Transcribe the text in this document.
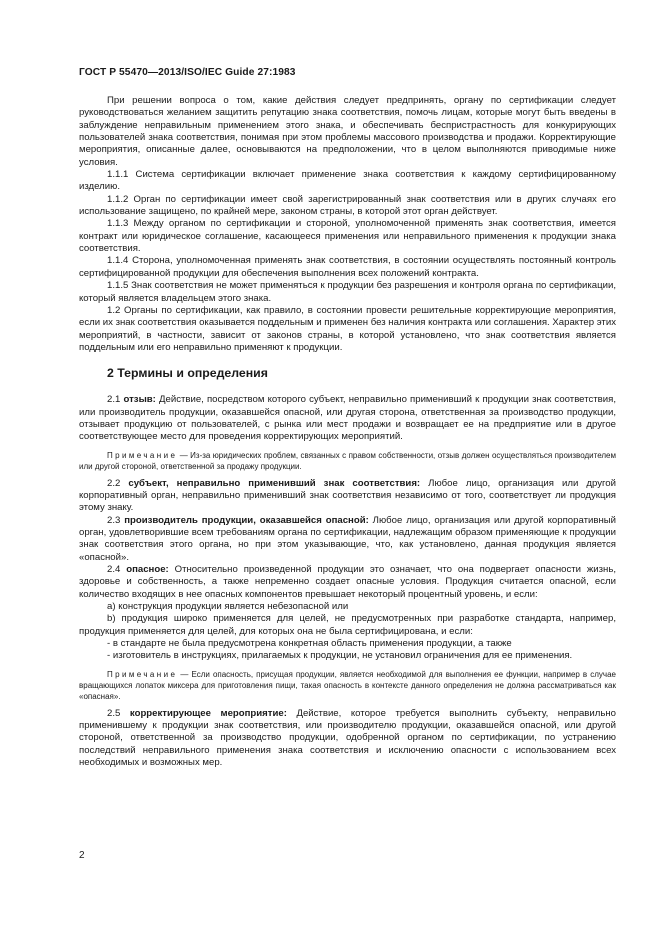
ГОСТ Р 55470—2013/ISO/IEC Guide 27:1983

При решении вопроса о том, какие действия следует предпринять, органу по сертификации следует руководствоваться желанием защитить репутацию знака соответствия, помочь лицам, которые могут быть введены в заблуждение неправильным применением этого знака, и обеспечивать беспристрастность для конкурирующих пользователей знака соответствия, понимая при этом проблемы массового производства и продажи. Корректирующие мероприятия, описанные далее, основываются на предположении, что в целом выполняются приводимые ниже условия.

1.1.1 Система сертификации включает применение знака соответствия к каждому сертифицированному изделию.

1.1.2 Орган по сертификации имеет свой зарегистрированный знак соответствия или в других случаях его использование защищено, по крайней мере, законом страны, в которой этот орган действует.

1.1.3 Между органом по сертификации и стороной, уполномоченной применять знак соответствия, имеется контракт или юридическое соглашение, касающееся применения или неправильного применения к продукции знака соответствия.

1.1.4 Сторона, уполномоченная применять знак соответствия, в состоянии осуществлять постоянный контроль сертифицированной продукции для обеспечения выполнения всех положений контракта.

1.1.5 Знак соответствия не может применяться к продукции без разрешения и контроля органа по сертификации, который является владельцем этого знака.

1.2 Органы по сертификации, как правило, в состоянии провести решительные корректирующие мероприятия, если их знак соответствия оказывается поддельным и применен без наличия контракта или соглашения. Характер этих мероприятий, в частности, зависит от законов страны, в которой установлено, что знак соответствия является поддельным или его неправильно применяют к продукции.

2 Термины и определения

2.1 отзыв: Действие, посредством которого субъект, неправильно применивший к продукции знак соответствия, или производитель продукции, оказавшейся опасной, или другая сторона, ответственная за производство продукции, отзывает продукцию от пользователей, с рынка или мест продажи и возвращает ее на предприятие или в другое соответствующее место для проведения корректирующих мероприятий.

Примечание — Из-за юридических проблем, связанных с правом собственности, отзыв должен осуществляться производителем или другой стороной, ответственной за продажу продукции.

2.2 субъект, неправильно применивший знак соответствия: Любое лицо, организация или другой корпоративный орган, неправильно применивший знак соответствия независимо от того, соответствует ли продукция этому знаку.

2.3 производитель продукции, оказавшейся опасной: Любое лицо, организация или другой корпоративный орган, удовлетворившие всем требованиям органа по сертификации, надлежащим образом применяющие к продукции знак соответствия этого органа, но при этом указывающие, что, как установлено, данная продукция является «опасной».

2.4 опасное: Относительно произведенной продукции это означает, что она подвергает опасности жизнь, здоровье и собственность, а также непременно создает опасные условия. Продукция считается опасной, если количество входящих в нее опасных компонентов превышает некоторый процентный уровень, и если:

a) конструкция продукции является небезопасной или

b) продукция широко применяется для целей, не предусмотренных при разработке стандарта, например, продукция применяется для целей, для которых она не была сертифицирована, и если:

- в стандарте не была предусмотрена конкретная область применения продукции, а также

- изготовитель в инструкциях, прилагаемых к продукции, не установил ограничения для ее применения.

Примечание — Если опасность, присущая продукции, является необходимой для выполнения ее функции, например в случае вращающихся лопаток миксера для приготовления пищи, такая опасность в контексте данного определения не должна рассматриваться как «опасная».

2.5 корректирующее мероприятие: Действие, которое требуется выполнить субъекту, неправильно применившему к продукции знак соответствия, или производителю продукции, оказавшейся опасной, или другой стороной, ответственной за производство продукции, одобренной органом по сертификации, по устранению последствий неправильного применения знака соответствия и исключению опасности с использованием всех необходимых и возможных мер.

2
